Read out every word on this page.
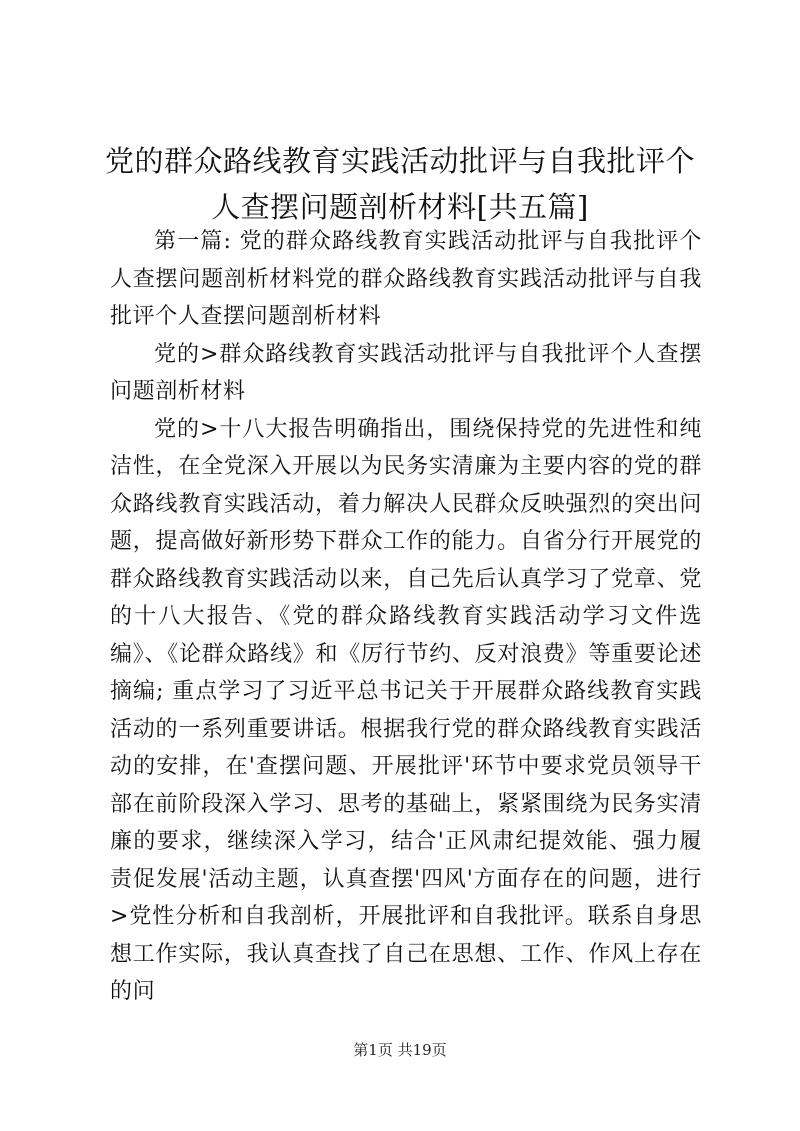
党的群众路线教育实践活动批评与自我批评个人查摆问题剖析材料[共五篇]

第一篇: 党的群众路线教育实践活动批评与自我批评个人查摆问题剖析材料党的群众路线教育实践活动批评与自我批评个人查摆问题剖析材料

党的>群众路线教育实践活动批评与自我批评个人查摆问题剖析材料

党的>十八大报告明确指出，围绕保持党的先进性和纯洁性，在全党深入开展以为民务实清廉为主要内容的党的群众路线教育实践活动，着力解决人民群众反映强烈的突出问题，提高做好新形势下群众工作的能力。自省分行开展党的群众路线教育实践活动以来，自己先后认真学习了党章、党的十八大报告、《党的群众路线教育实践活动学习文件选编》、《论群众路线》和《厉行节约、反对浪费》等重要论述摘编; 重点学习了习近平总书记关于开展群众路线教育实践活动的一系列重要讲话。根据我行党的群众路线教育实践活动的安排，在'查摆问题、开展批评'环节中要求党员领导干部在前阶段深入学习、思考的基础上，紧紧围绕为民务实清廉的要求，继续深入学习，结合'正风肃纪提效能、强力履责促发展'活动主题，认真查摆'四风'方面存在的问题，进行>党性分析和自我剖析，开展批评和自我批评。联系自身思想工作实际，我认真查找了自己在思想、工作、作风上存在的问

第1页 共19页
